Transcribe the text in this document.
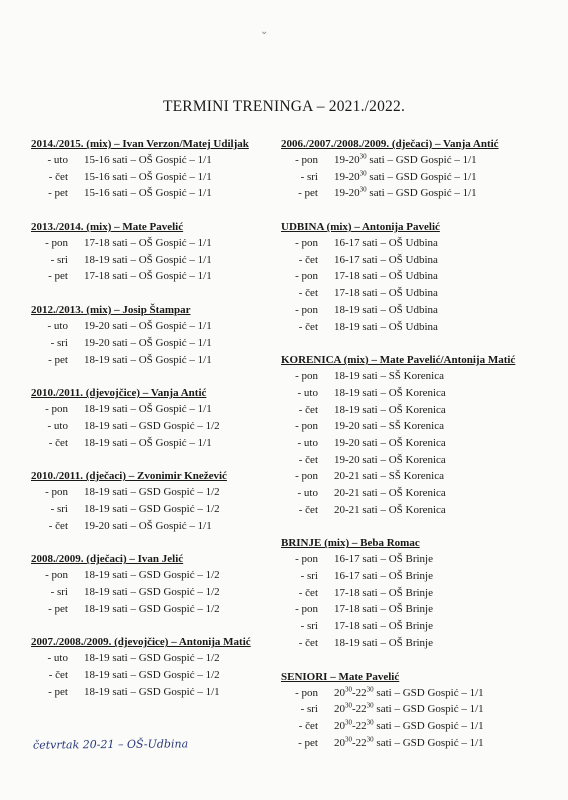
⌄
TERMINI TRENINGA – 2021./2022.
2014./2015. (mix) – Ivan Verzon/Matej Udiljak
- uto	15-16 sati – OŠ Gospić – 1/1
- čet	15-16 sati – OŠ Gospić – 1/1
- pet	15-16 sati – OŠ Gospić – 1/1
2013./2014. (mix) – Mate Pavelić
- pon	17-18 sati – OŠ Gospić – 1/1
- sri	18-19 sati – OŠ Gospić – 1/1
- pet	17-18 sati – OŠ Gospić – 1/1
2012./2013. (mix) – Josip Štampar
- uto	19-20 sati – OŠ Gospić – 1/1
- sri	19-20 sati – OŠ Gospić – 1/1
- pet	18-19 sati – OŠ Gospić – 1/1
2010./2011. (djevojčice) – Vanja Antić
- pon	18-19 sati – OŠ Gospić – 1/1
- uto	18-19 sati – GSD Gospić – 1/2
- čet	18-19 sati – OŠ Gospić – 1/1
2010./2011. (dječaci) – Zvonimir Knežević
- pon	18-19 sati – GSD Gospić – 1/2
- sri	18-19 sati – GSD Gospić – 1/2
- čet	19-20 sati – OŠ Gospić – 1/1
2008./2009. (dječaci) – Ivan Jelić
- pon	18-19 sati – GSD Gospić – 1/2
- sri	18-19 sati – GSD Gospić – 1/2
- pet	18-19 sati – GSD Gospić – 1/2
2007./2008./2009. (djevojčice) – Antonija Matić
- uto	18-19 sati – GSD Gospić – 1/2
- čet	18-19 sati – GSD Gospić – 1/2
- pet	18-19 sati – GSD Gospić – 1/1
2006./2007./2008./2009. (dječaci) – Vanja Antić
- pon	$19-20^{30}$ sati – GSD Gospić – 1/1
- sri	$19-20^{30}$ sati – GSD Gospić – 1/1
- pet	$19-20^{30}$ sati – GSD Gospić – 1/1
UDBINA (mix) – Antonija Pavelić
- pon	16-17 sati – OŠ Udbina
- čet	16-17 sati – OŠ Udbina
- pon	17-18 sati – OŠ Udbina
- čet	17-18 sati – OŠ Udbina
- pon	18-19 sati – OŠ Udbina
- čet	18-19 sati – OŠ Udbina
KORENICA (mix) – Mate Pavelić/Antonija Matić
- pon	18-19 sati – SŠ Korenica
- uto	18-19 sati – OŠ Korenica
- čet	18-19 sati – OŠ Korenica
- pon	19-20 sati – SŠ Korenica
- uto	19-20 sati – OŠ Korenica
- čet	19-20 sati – OŠ Korenica
- pon	20-21 sati – SŠ Korenica
- uto	20-21 sati – OŠ Korenica
- čet	20-21 sati – OŠ Korenica
BRINJE (mix) – Beba Romac
- pon	16-17 sati – OŠ Brinje
- sri	16-17 sati – OŠ Brinje
- čet	17-18 sati – OŠ Brinje
- pon	17-18 sati – OŠ Brinje
- sri	17-18 sati – OŠ Brinje
- čet	18-19 sati – OŠ Brinje
SENIORI – Mate Pavelić
- pon	$20^{30}-22^{30}$ sati – GSD Gospić – 1/1
- sri	$20^{30}-22^{30}$ sati – GSD Gospić – 1/1
- čet	$20^{30}-22^{30}$ sati – GSD Gospić – 1/1
- pet	$20^{30}-22^{30}$ sati – GSD Gospić – 1/1
četvrtak 20-21 – OŠ-Udbina
